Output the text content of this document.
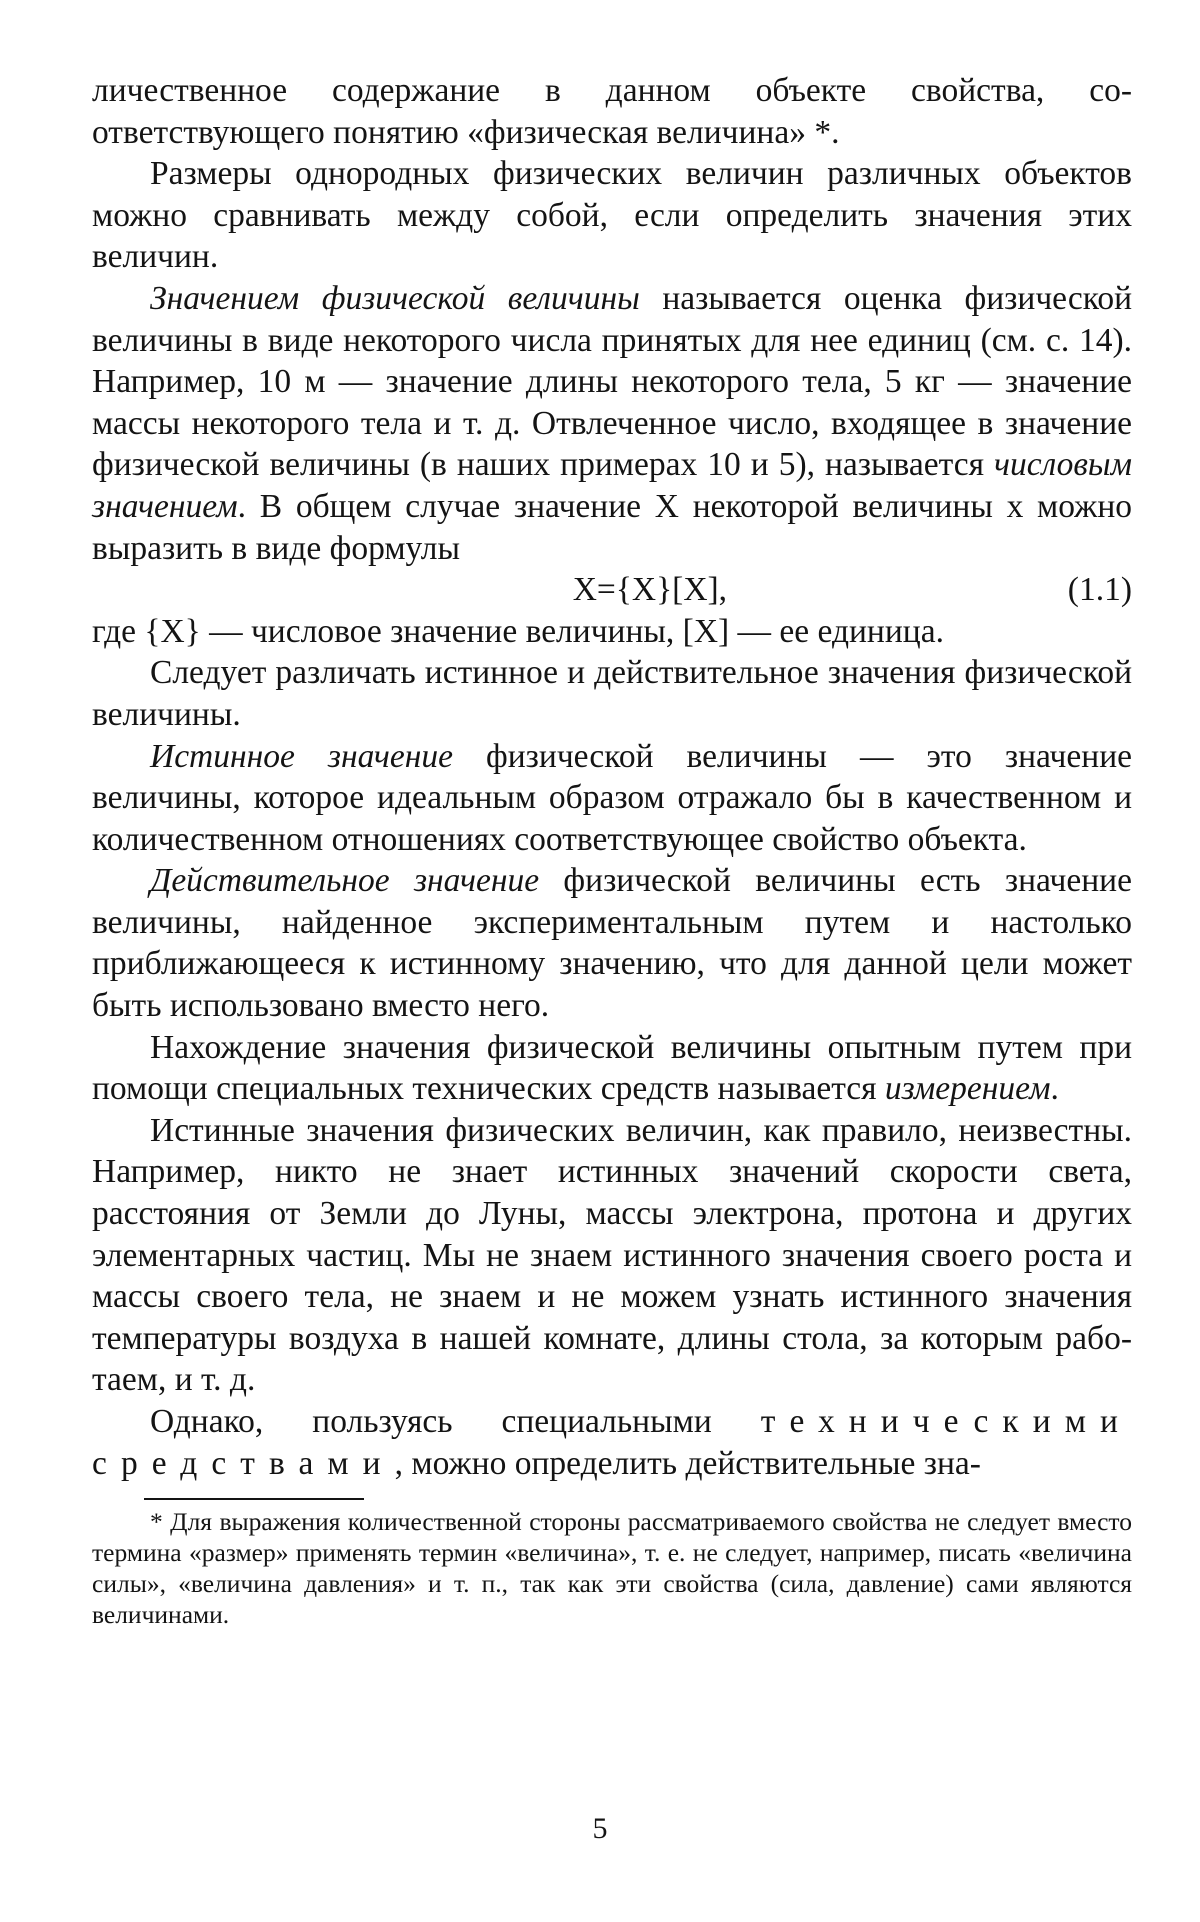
личественное содержание в данном объекте свойства, соответствующего понятию «физическая величина» *.

Размеры однородных физических величин различных объектов можно сравнивать между собой, если определить значения этих величин.

Значением физической величины называется оценка физической величины в виде некоторого числа принятых для нее единиц (см. с. 14). Например, 10 м — значение длины некоторого тела, 5 кг — значение массы некоторого тела и т. д. Отвлеченное число, входящее в значение физической величины (в наших примерах 10 и 5), называется числовым значением. В общем случае значение X некоторой величины x можно выразить в виде формулы

X={X}[X],	(1.1)

где {X} — числовое значение величины, [X] — ее единица.

Следует различать истинное и действительное значения физической величины.

Истинное значение физической величины — это значение величины, которое идеальным образом отражало бы в качественном и количественном отношениях соответствующее свойство объекта.

Действительное значение физической величины есть значение величины, найденное экспериментальным путем и настолько приближающееся к истинному значению, что для данной цели может быть использовано вместо него.

Нахождение значения физической величины опытным путем при помощи специальных технических средств называется измерением.

Истинные значения физических величин, как правило, неизвестны. Например, никто не знает истинных значений скорости света, расстояния от Земли до Луны, массы электрона, протона и других элементарных частиц. Мы не знаем истинного значения своего роста и массы своего тела, не знаем и не можем узнать истинного значения температуры воздуха в нашей комнате, длины стола, за которым работаем, и т. д.

Однако, пользуясь специальными техническими средствами, можно определить действительные зна-

* Для выражения количественной стороны рассматриваемого свойства не следует вместо термина «размер» применять термин «величина», т. е. не следует, например, писать «величина силы», «величина давления» и т. п., так как эти свойства (сила, давление) сами являются величинами.

5
